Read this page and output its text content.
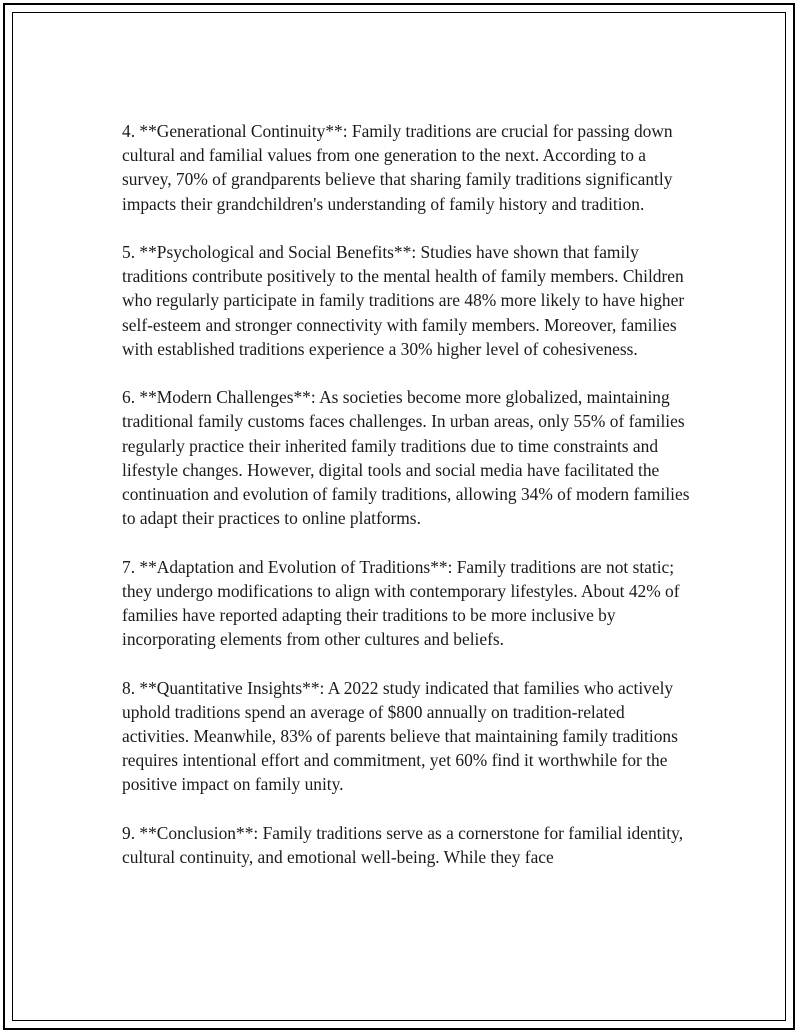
4. **Generational Continuity**: Family traditions are crucial for passing down cultural and familial values from one generation to the next. According to a survey, 70% of grandparents believe that sharing family traditions significantly impacts their grandchildren's understanding of family history and tradition.

5. **Psychological and Social Benefits**: Studies have shown that family traditions contribute positively to the mental health of family members. Children who regularly participate in family traditions are 48% more likely to have higher self-esteem and stronger connectivity with family members. Moreover, families with established traditions experience a 30% higher level of cohesiveness.

6. **Modern Challenges**: As societies become more globalized, maintaining traditional family customs faces challenges. In urban areas, only 55% of families regularly practice their inherited family traditions due to time constraints and lifestyle changes. However, digital tools and social media have facilitated the continuation and evolution of family traditions, allowing 34% of modern families to adapt their practices to online platforms.

7. **Adaptation and Evolution of Traditions**: Family traditions are not static; they undergo modifications to align with contemporary lifestyles. About 42% of families have reported adapting their traditions to be more inclusive by incorporating elements from other cultures and beliefs.

8. **Quantitative Insights**: A 2022 study indicated that families who actively uphold traditions spend an average of $800 annually on tradition-related activities. Meanwhile, 83% of parents believe that maintaining family traditions requires intentional effort and commitment, yet 60% find it worthwhile for the positive impact on family unity.

9. **Conclusion**: Family traditions serve as a cornerstone for familial identity, cultural continuity, and emotional well-being. While they face
